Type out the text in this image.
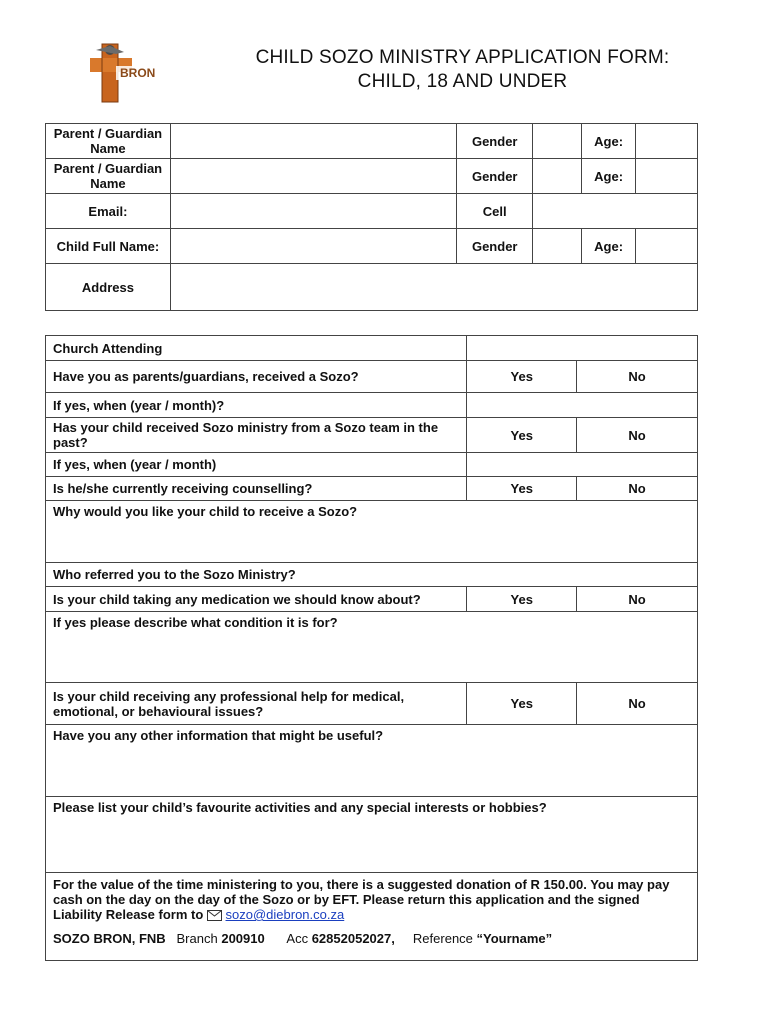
BRON
CHILD SOZO MINISTRY APPLICATION FORM:
CHILD, 18 AND UNDER
Parent / Guardian Name		Gender		Age:	
Parent / Guardian Name		Gender		Age:	
Email:		Cell			
Child Full Name:		Gender		Age:	
Address					
Church Attending		
Have you as parents/guardians, received a Sozo?	Yes	No
If yes, when (year / month)?		
Has your child received Sozo ministry from a Sozo team in the past?	Yes	No
If yes, when (year / month)		
Is he/she currently receiving counselling?	Yes	No
Why would you like your child to receive a Sozo?		
Who referred you to the Sozo Ministry?		
Is your child taking any medication we should know about?	Yes	No
If yes please describe what condition it is for?		
Is your child receiving any professional help for medical, emotional, or behavioural issues?	Yes	No
Have you any other information that might be useful?		
Please list your child’s favourite activities and any special interests or hobbies?		
For the value of the time ministering to you, there is a suggested donation of R 150.00. You may pay cash on the day on the day of the Sozo or by EFT. Please return this application and the signed Liability Release form to sozo@diebron.co.za
SOZO BRON, FNB Branch 200910 Acc 62852052027, Reference “Yourname”		
